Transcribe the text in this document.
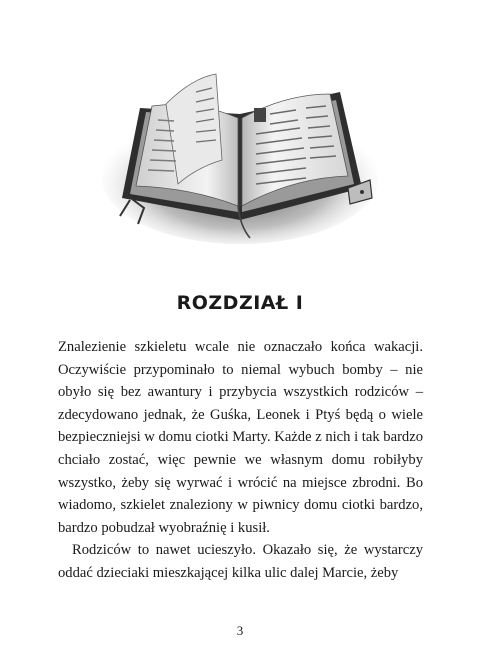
ROZDZIAŁ I

Znalezienie szkieletu wcale nie oznaczało końca wakacji. Oczywiście przypominało to niemal wybuch bomby – nie obyło się bez awantury i przybycia wszystkich rodziców – zdecydowano jednak, że Guśka, Leonek i Ptyś będą o wiele bezpieczniejsi w domu ciotki Marty. Każde z nich i tak bardzo chciało zostać, więc pewnie we własnym domu robiłyby wszystko, żeby się wyrwać i wrócić na miejsce zbrodni. Bo wiadomo, szkielet znaleziony w piwnicy domu ciotki bardzo, bardzo pobudzał wyobraźnię i kusił.

Rodziców to nawet ucieszyło. Okazało się, że wystarczy oddać dzieciaki mieszkającej kilka ulic dalej Marcie, żeby

3
